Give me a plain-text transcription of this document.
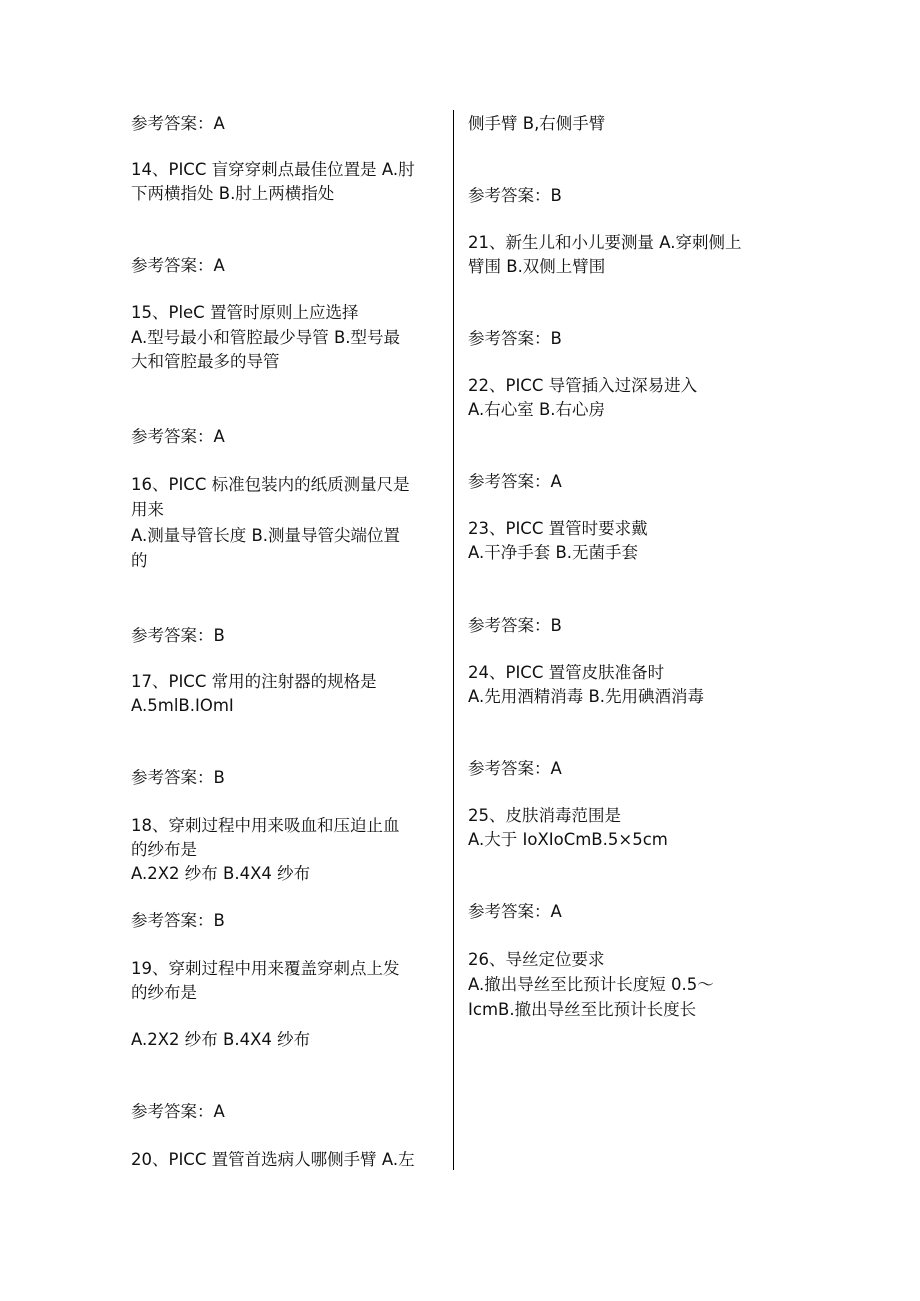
参考答案：A

14、PICC 盲穿穿刺点最佳位置是 A.肘

下两横指处 B.肘上两横指处

参考答案：A

15、PleC 置管时原则上应选择

A.型号最小和管腔最少导管 B.型号最

大和管腔最多的导管

参考答案：A

16、PICC 标准包装内的纸质测量尺是

用来

A.测量导管长度 B.测量导管尖端位置

的

参考答案：B

17、PICC 常用的注射器的规格是

A.5mlB.IOmI

参考答案：B

18、穿刺过程中用来吸血和压迫止血

的纱布是

A.2X2 纱布 B.4X4 纱布

参考答案：B

19、穿刺过程中用来覆盖穿刺点上发

的纱布是

A.2X2 纱布 B.4X4 纱布

参考答案：A

20、PICC 置管首选病人哪侧手臂 A.左

侧手臂 B,右侧手臂

参考答案：B

21、新生儿和小儿要测量 A.穿刺侧上

臂围 B.双侧上臂围

参考答案：B

22、PICC 导管插入过深易进入

A.右心室 B.右心房

参考答案：A

23、PICC 置管时要求戴

A.干净手套 B.无菌手套

参考答案：B

24、PICC 置管皮肤准备时

A.先用酒精消毒 B.先用碘酒消毒

参考答案：A

25、皮肤消毒范围是

A.大于 IoXIoCmB.5×5cm

参考答案：A

26、导丝定位要求

A.撤出导丝至比预计长度短 0.5～

IcmB.撤出导丝至比预计长度长
